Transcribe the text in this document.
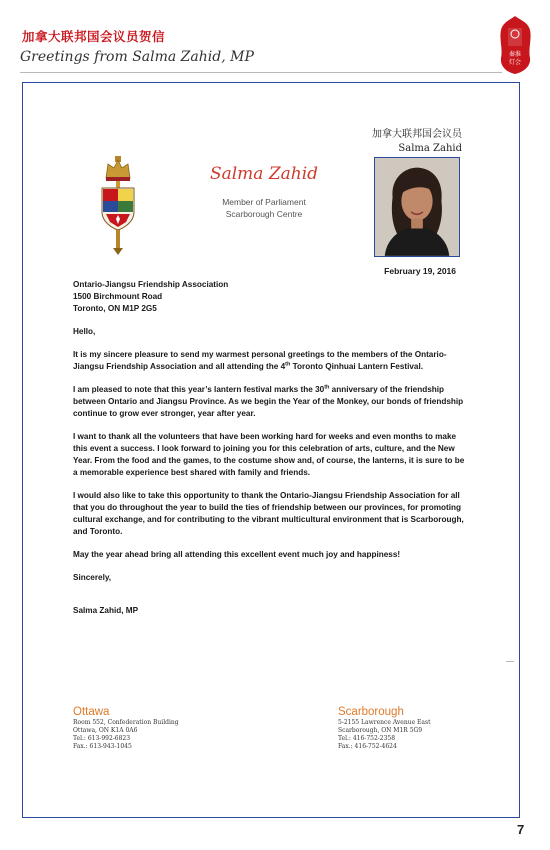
加拿大联邦国会议员贺信
Greetings from Salma Zahid, MP	秦淮
灯会
Salma Zahid
Member of Parliament
Scarborough Centre
加拿大联邦国会议员
Salma Zahid
February 19, 2016
Ontario-Jiangsu Friendship Association
1500 Birchmount Road
Toronto, ON M1P 2G5

Hello,

It is my sincere pleasure to send my warmest personal greetings to the members of the Ontario-Jiangsu Friendship Association and all attending the 4th Toronto Qinhuai Lantern Festival.

I am pleased to note that this year’s lantern festival marks the 30th anniversary of the friendship between Ontario and Jiangsu Province. As we begin the Year of the Monkey, our bonds of friendship continue to grow ever stronger, year after year.

I want to thank all the volunteers that have been working hard for weeks and even months to make this event a success. I look forward to joining you for this celebration of arts, culture, and the New Year. From the food and the games, to the costume show and, of course, the lanterns, it is sure to be a memorable experience best shared with family and friends.

I would also like to take this opportunity to thank the Ontario-Jiangsu Friendship Association for all that you do throughout the year to build the ties of friendship between our provinces, for promoting cultural exchange, and for contributing to the vibrant multicultural environment that is Scarborough, and Toronto.

May the year ahead bring all attending this excellent event much joy and happiness!

Sincerely,

Salma Zahid, MP

Ottawa
Room 552, Confederation Building
Ottawa, ON K1A 0A6
Tel.: 613-992-6823
Fax.: 613-943-1045
Scarborough
5-2155 Lawrence Avenue East
Scarborough, ON M1R 5G9
Tel.: 416-752-2358
Fax.: 416-752-4624
7
